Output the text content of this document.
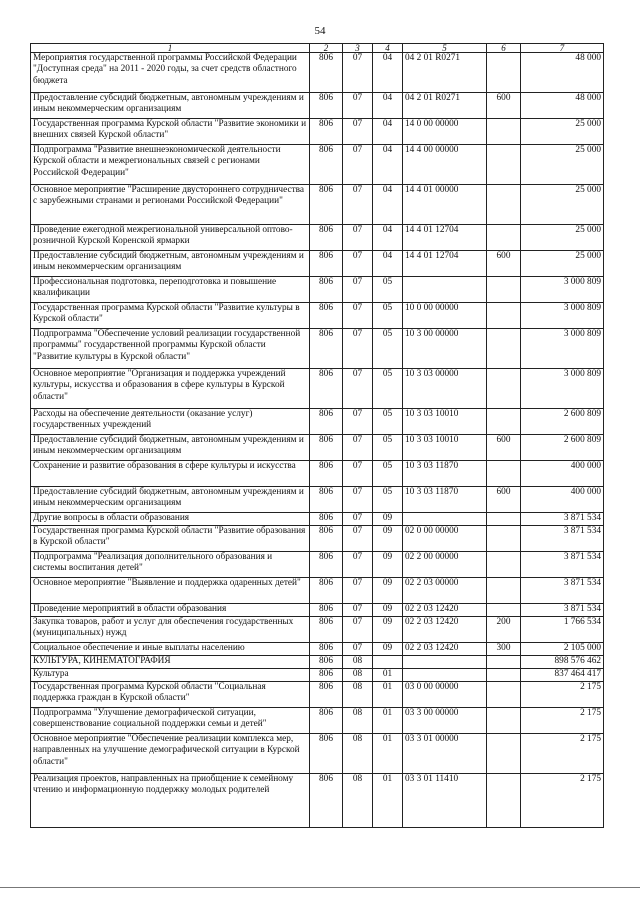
54
1	2	3	4	5	6	7
Мероприятия государственной программы Российской Федерации "Доступная среда" на 2011 - 2020 годы, за счет средств областного бюджета	806	07	04	04 2 01 R0271		48 000
Предоставление субсидий бюджетным, автономным учреждениям и иным некоммерческим организациям	806	07	04	04 2 01 R0271	600	48 000
Государственная программа Курской области "Развитие экономики и внешних связей Курской области"	806	07	04	14 0 00 00000		25 000
Подпрограмма "Развитие внешнеэкономической деятельности Курской области и межрегиональных связей с регионами Российской Федерации"	806	07	04	14 4 00 00000		25 000
Основное мероприятие "Расширение двустороннего сотрудничества с зарубежными странами и регионами Российской Федерации"	806	07	04	14 4 01 00000		25 000
Проведение ежегодной межрегиональной универсальной оптово-розничной Курской Коренской ярмарки	806	07	04	14 4 01 12704		25 000
Предоставление субсидий бюджетным, автономным учреждениям и иным некоммерческим организациям	806	07	04	14 4 01 12704	600	25 000
Профессиональная подготовка, переподготовка и повышение квалификации	806	07	05			3 000 809
Государственная программа Курской области "Развитие культуры в Курской области"	806	07	05	10 0 00 00000		3 000 809
Подпрограмма "Обеспечение условий реализации государственной программы" государственной программы Курской области "Развитие культуры в Курской области"	806	07	05	10 3 00 00000		3 000 809
Основное мероприятие "Организация и поддержка учреждений культуры, искусства и образования в сфере культуры в Курской области"	806	07	05	10 3 03 00000		3 000 809
Расходы на обеспечение деятельности (оказание услуг) государственных учреждений	806	07	05	10 3 03 10010		2 600 809
Предоставление субсидий бюджетным, автономным учреждениям и иным некоммерческим организациям	806	07	05	10 3 03 10010	600	2 600 809
Сохранение и развитие образования в сфере культуры и искусства	806	07	05	10 3 03 11870		400 000
Предоставление субсидий бюджетным, автономным учреждениям и иным некоммерческим организациям	806	07	05	10 3 03 11870	600	400 000
Другие вопросы в области образования	806	07	09			3 871 534
Государственная программа Курской области "Развитие образования в Курской области"	806	07	09	02 0 00 00000		3 871 534
Подпрограмма "Реализация дополнительного образования и системы воспитания детей"	806	07	09	02 2 00 00000		3 871 534
Основное мероприятие "Выявление и поддержка одаренных детей"	806	07	09	02 2 03 00000		3 871 534
Проведение мероприятий в области образования	806	07	09	02 2 03 12420		3 871 534
Закупка товаров, работ и услуг для обеспечения государственных (муниципальных) нужд	806	07	09	02 2 03 12420	200	1 766 534
Социальное обеспечение и иные выплаты населению	806	07	09	02 2 03 12420	300	2 105 000
КУЛЬТУРА, КИНЕМАТОГРАФИЯ	806	08				898 576 462
Культура	806	08	01			837 464 417
Государственная программа Курской области "Социальная поддержка граждан в Курской области"	806	08	01	03 0 00 00000		2 175
Подпрограмма "Улучшение демографической ситуации, совершенствование социальной поддержки семьи и детей"	806	08	01	03 3 00 00000		2 175
Основное мероприятие "Обеспечение реализации комплекса мер, направленных на улучшение демографической ситуации в Курской области"	806	08	01	03 3 01 00000		2 175
Реализация проектов, направленных на приобщение к семейному чтению и информационную поддержку молодых родителей	806	08	01	03 3 01 11410		2 175
